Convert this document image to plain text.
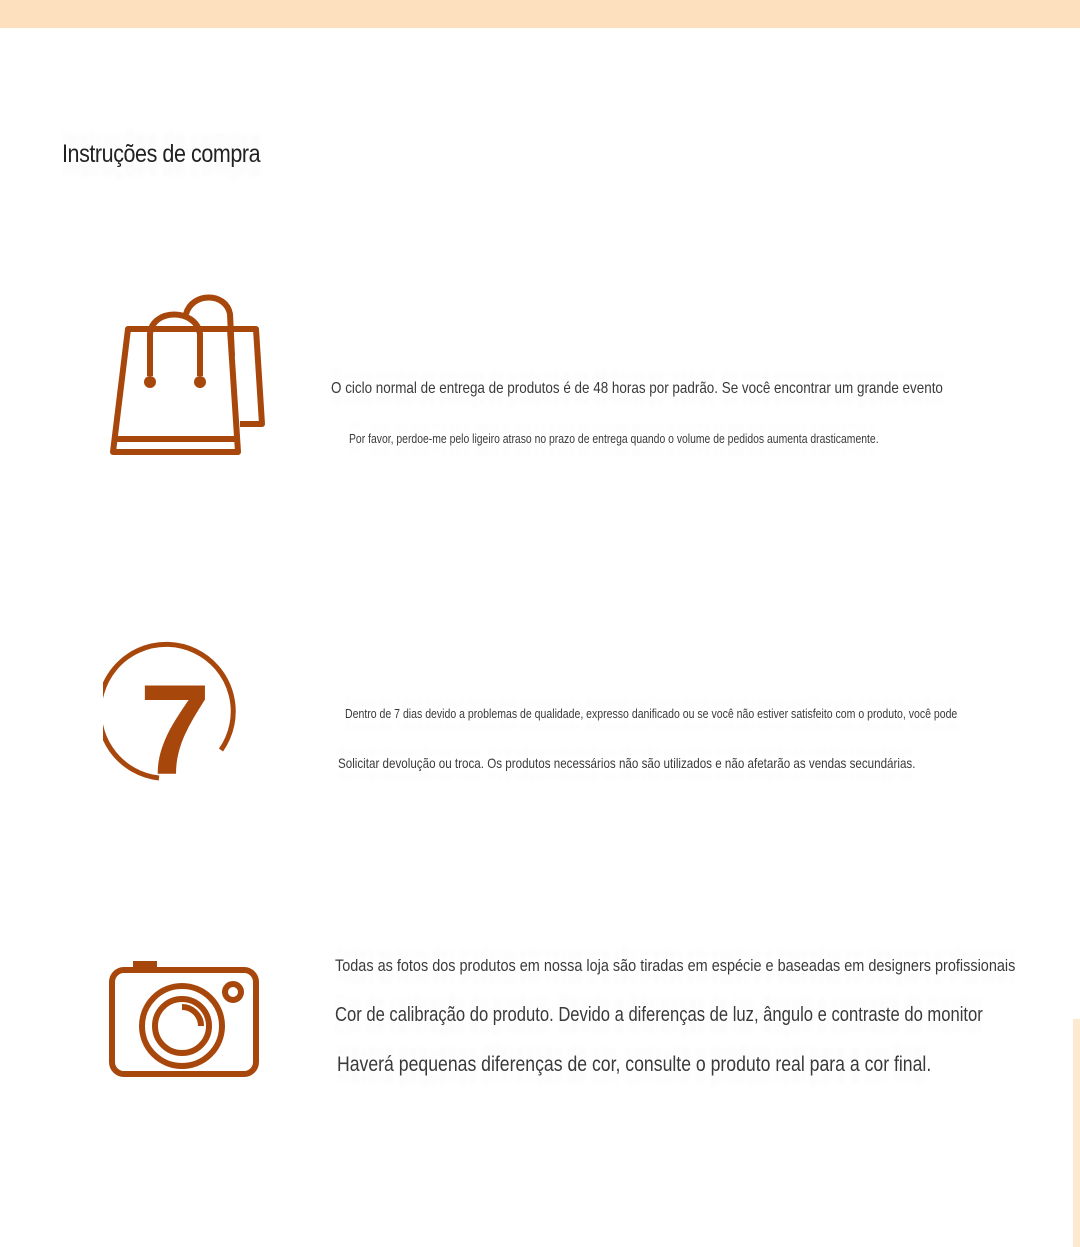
Instruções de compra
O ciclo normal de entrega de produtos é de 48 horas por padrão. Se você encontrar um grande evento
Por favor, perdoe-me pelo ligeiro atraso no prazo de entrega quando o volume de pedidos aumenta drasticamente.
7	Dentro de 7 dias devido a problemas de qualidade, expresso danificado ou se você não estiver satisfeito com o produto, você pode
Solicitar devolução ou troca. Os produtos necessários não são utilizados e não afetarão as vendas secundárias.
Todas as fotos dos produtos em nossa loja são tiradas em espécie e baseadas em designers profissionais
Cor de calibração do produto. Devido a diferenças de luz, ângulo e contraste do monitor
Haverá pequenas diferenças de cor, consulte o produto real para a cor final.
